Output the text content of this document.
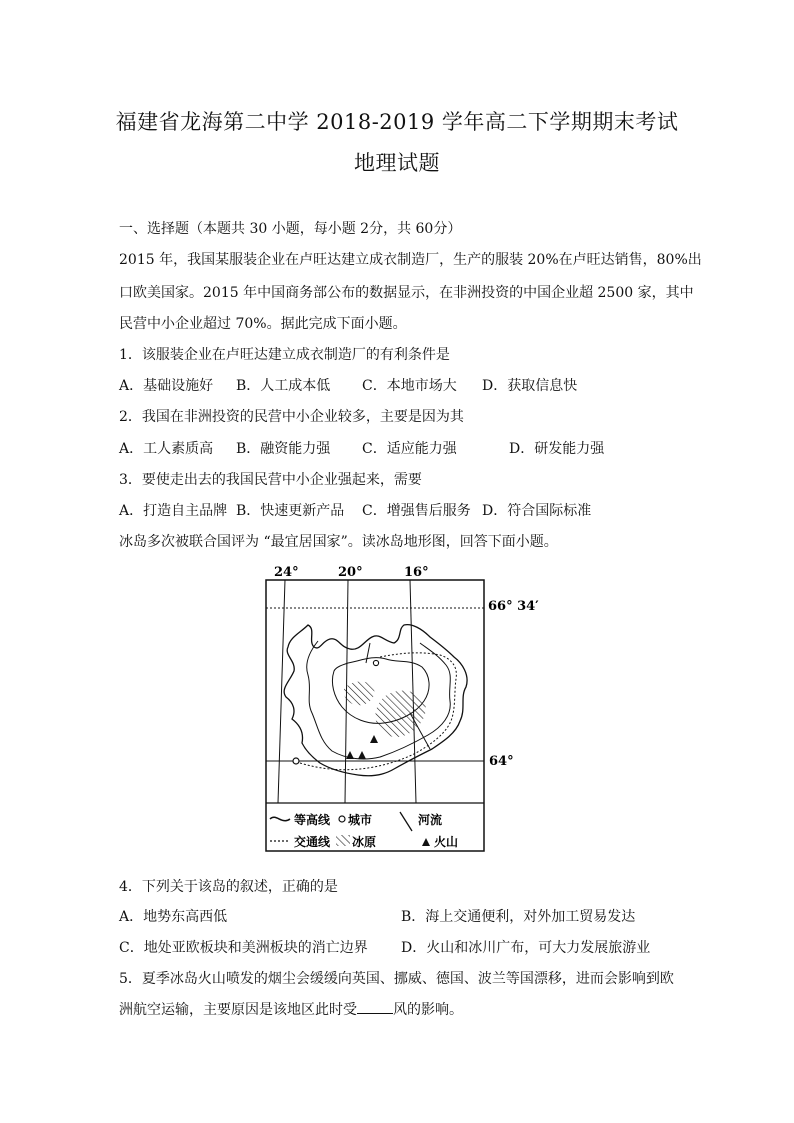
福建省龙海第二中学 2018-2019 学年高二下学期期末考试
地理试题
一、选择题（本题共 30 小题，每小题 2分，共 60分）
2015 年，我国某服装企业在卢旺达建立成衣制造厂，生产的服装 20%在卢旺达销售，80%出
口欧美国家。2015 年中国商务部公布的数据显示，在非洲投资的中国企业超 2500 家，其中
民营中小企业超过 70%。据此完成下面小题。
1．该服装企业在卢旺达建立成衣制造厂的有利条件是
A．基础设施好 B．人工成本低 C．本地市场大 D．获取信息快
2．我国在非洲投资的民营中小企业较多，主要是因为其
A．工人素质高 B．融资能力强 C．适应能力强	D．研发能力强
3．要使走出去的我国民营中小企业强起来，需要
A．打造自主品牌 B．快速更新产品 C．增强售后服务 D．符合国际标准
冰岛多次被联合国评为 “最宜居国家”。读冰岛地形图，回答下面小题。
24°	20°	16°
66° 34′
64°
等高线 城市	河流
交通线 冰原	火山
4．下列关于该岛的叙述，正确的是
A．地势东高西低	B．海上交通便利，对外加工贸易发达
C．地处亚欧板块和美洲板块的消亡边界 D．火山和冰川广布，可大力发展旅游业
5．夏季冰岛火山喷发的烟尘会缓缓向英国、挪威、德国、波兰等国漂移，进而会影响到欧
洲航空运输，主要原因是该地区此时受	风的影响。
